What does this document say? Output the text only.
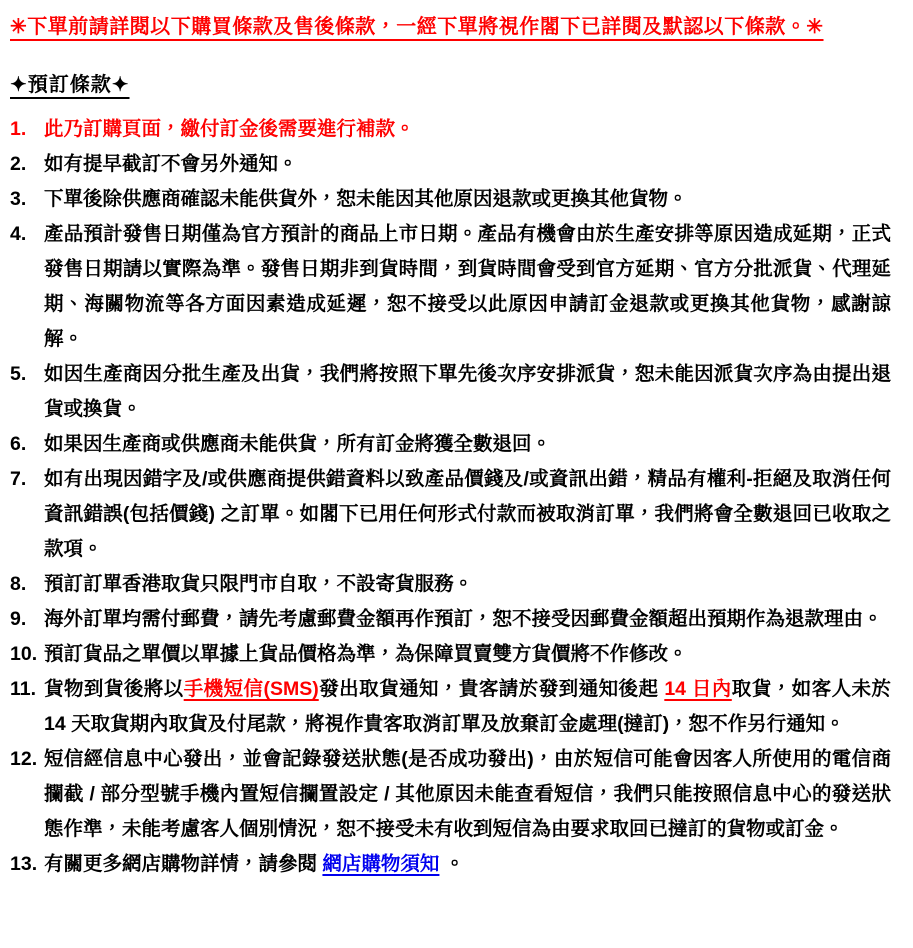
✳下單前請詳閱以下購買條款及售後條款，一經下單將視作閣下已詳閱及默認以下條款。✳

✦預訂條款✦
此乃訂購頁面，繳付訂金後需要進行補款。
如有提早截訂不會另外通知。
下單後除供應商確認未能供貨外，恕未能因其他原因退款或更換其他貨物。
產品預計發售日期僅為官方預計的商品上市日期。產品有機會由於生產安排等原因造成延期，正式發售日期請以實際為準。發售日期非到貨時間，到貨時間會受到官方延期、官方分批派貨、代理延期、海關物流等各方面因素造成延遲，恕不接受以此原因申請訂金退款或更換其他貨物，感謝諒解。
如因生產商因分批生產及出貨，我們將按照下單先後次序安排派貨，恕未能因派貨次序為由提出退貨或換貨。
如果因生產商或供應商未能供貨，所有訂金將獲全數退回。
如有出現因錯字及/或供應商提供錯資料以致產品價錢及/或資訊出錯，精品有權利-拒絕及取消任何資訊錯誤(包括價錢) 之訂單。如閣下已用任何形式付款而被取消訂單，我們將會全數退回已收取之款項。
預訂訂單香港取貨只限門市自取，不設寄貨服務。
海外訂單均需付郵費，請先考慮郵費金額再作預訂，恕不接受因郵費金額超出預期作為退款理由。
預訂貨品之單價以單據上貨品價格為準，為保障買賣雙方貨價將不作修改。
貨物到貨後將以手機短信(SMS)發出取貨通知，貴客請於發到通知後起 14 日內取貨，如客人未於 14 天取貨期內取貨及付尾款，將視作貴客取消訂單及放棄訂金處理(撻訂)，恕不作另行通知。
短信經信息中心發出，並會記錄發送狀態(是否成功發出)，由於短信可能會因客人所使用的電信商攔截 / 部分型號手機內置短信攔置設定 / 其他原因未能查看短信，我們只能按照信息中心的發送狀態作準，未能考慮客人個別情況，恕不接受未有收到短信為由要求取回已撻訂的貨物或訂金。
有關更多網店購物詳情，請參閱 網店購物須知 。
